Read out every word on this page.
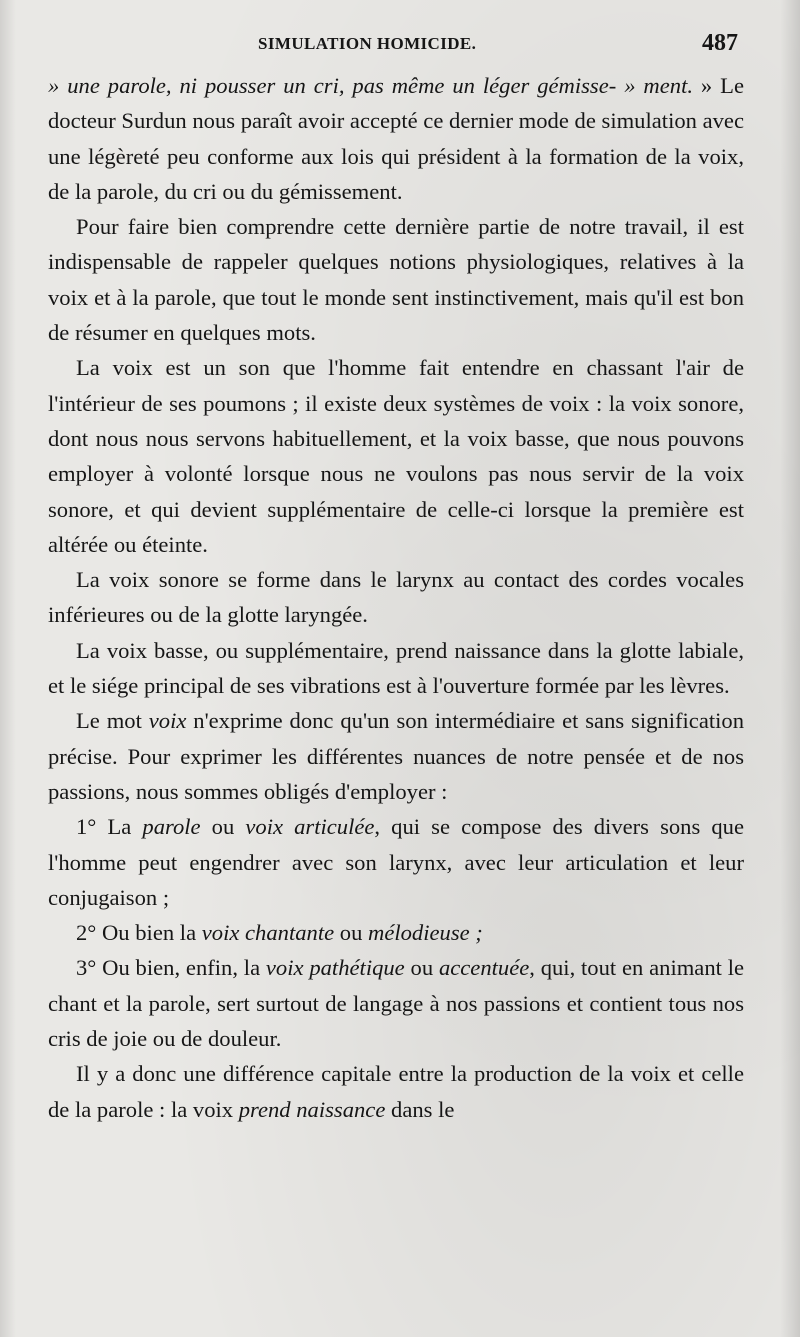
SIMULATION HOMICIDE.	487

» une parole, ni pousser un cri, pas même un léger gémisse- » ment. » Le docteur Surdun nous paraît avoir accepté ce dernier mode de simulation avec une légèreté peu conforme aux lois qui président à la formation de la voix, de la parole, du cri ou du gémissement.

Pour faire bien comprendre cette dernière partie de notre travail, il est indispensable de rappeler quelques notions physiologiques, relatives à la voix et à la parole, que tout le monde sent instinctivement, mais qu'il est bon de résumer en quelques mots.

La voix est un son que l'homme fait entendre en chassant l'air de l'intérieur de ses poumons ; il existe deux systèmes de voix : la voix sonore, dont nous nous servons habituellement, et la voix basse, que nous pouvons employer à volonté lorsque nous ne voulons pas nous servir de la voix sonore, et qui devient supplémentaire de celle-ci lorsque la première est altérée ou éteinte.

La voix sonore se forme dans le larynx au contact des cordes vocales inférieures ou de la glotte laryngée.

La voix basse, ou supplémentaire, prend naissance dans la glotte labiale, et le siége principal de ses vibrations est à l'ouverture formée par les lèvres.

Le mot voix n'exprime donc qu'un son intermédiaire et sans signification précise. Pour exprimer les différentes nuances de notre pensée et de nos passions, nous sommes obligés d'employer :

1° La parole ou voix articulée, qui se compose des divers sons que l'homme peut engendrer avec son larynx, avec leur articulation et leur conjugaison ;

2° Ou bien la voix chantante ou mélodieuse ;

3° Ou bien, enfin, la voix pathétique ou accentuée, qui, tout en animant le chant et la parole, sert surtout de langage à nos passions et contient tous nos cris de joie ou de douleur.

Il y a donc une différence capitale entre la production de la voix et celle de la parole : la voix prend naissance dans le
